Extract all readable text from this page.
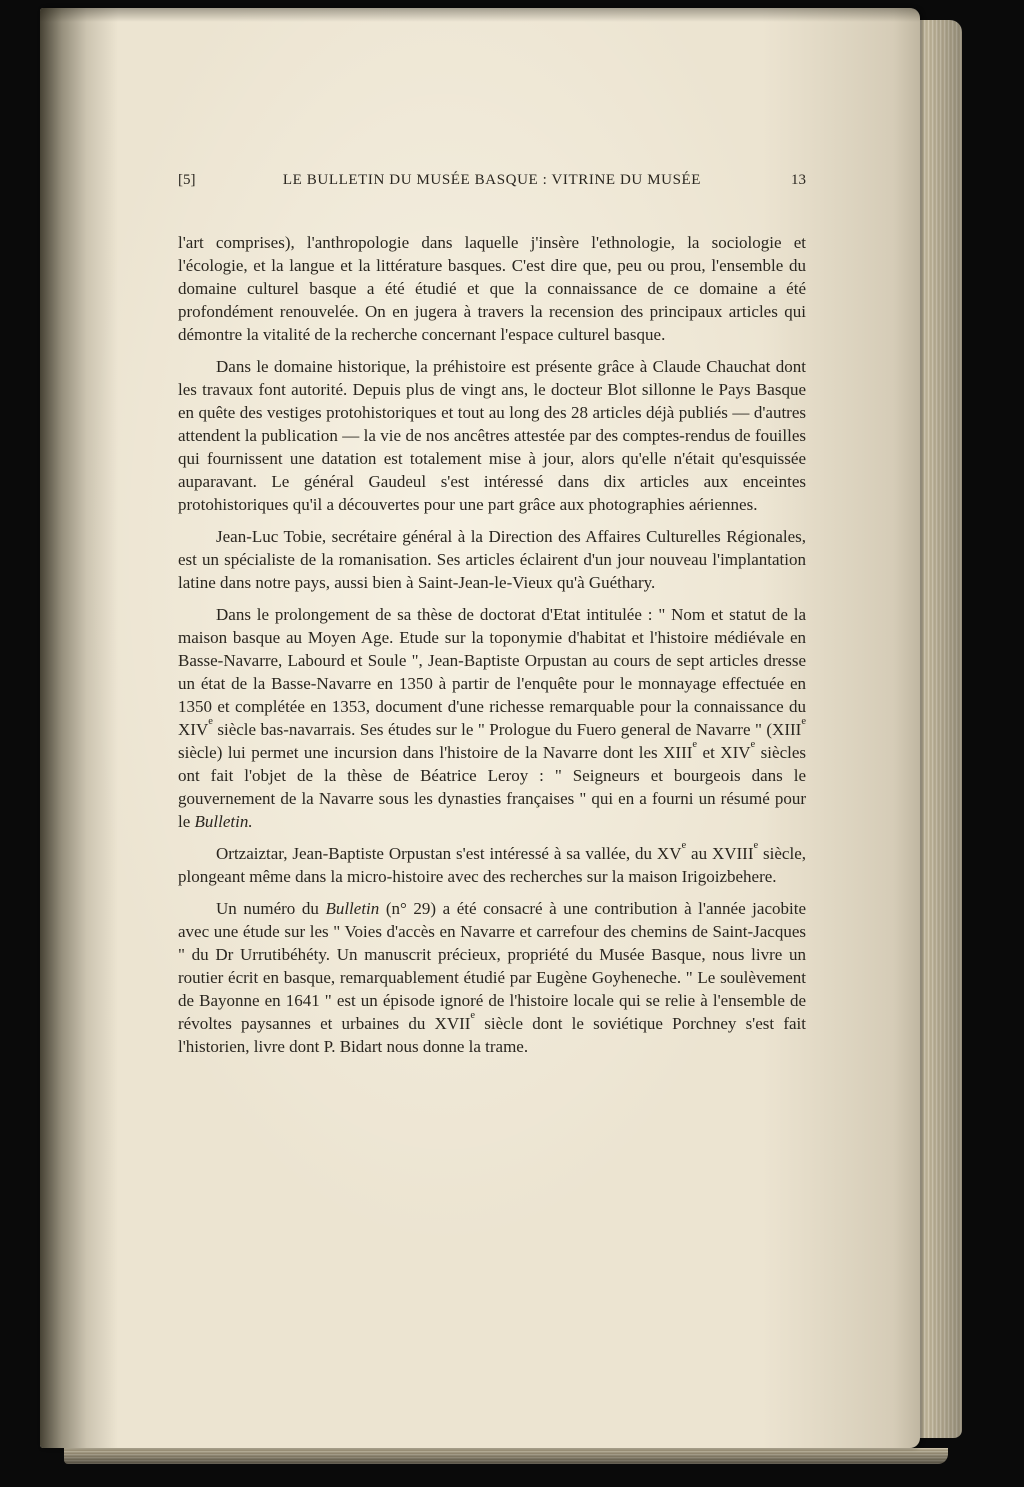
[5]	LE BULLETIN DU MUSÉE BASQUE : VITRINE DU MUSÉE	13

l'art comprises), l'anthropologie dans laquelle j'insère l'ethnologie, la sociologie et l'écologie, et la langue et la littérature basques. C'est dire que, peu ou prou, l'ensemble du domaine culturel basque a été étudié et que la connaissance de ce domaine a été profondément renouvelée. On en jugera à travers la recension des principaux articles qui démontre la vitalité de la recherche concernant l'espace culturel basque.

Dans le domaine historique, la préhistoire est présente grâce à Claude Chauchat dont les travaux font autorité. Depuis plus de vingt ans, le docteur Blot sillonne le Pays Basque en quête des vestiges protohistoriques et tout au long des 28 articles déjà publiés — d'autres attendent la publication — la vie de nos ancêtres attestée par des comptes-rendus de fouilles qui fournissent une datation est totalement mise à jour, alors qu'elle n'était qu'esquissée auparavant. Le général Gaudeul s'est intéressé dans dix articles aux enceintes protohistoriques qu'il a découvertes pour une part grâce aux photographies aériennes.

Jean-Luc Tobie, secrétaire général à la Direction des Affaires Culturelles Régionales, est un spécialiste de la romanisation. Ses articles éclairent d'un jour nouveau l'implantation latine dans notre pays, aussi bien à Saint-Jean-le-Vieux qu'à Guéthary.

Dans le prolongement de sa thèse de doctorat d'Etat intitulée : " Nom et statut de la maison basque au Moyen Age. Etude sur la toponymie d'habitat et l'histoire médiévale en Basse-Navarre, Labourd et Soule ", Jean-Baptiste Orpustan au cours de sept articles dresse un état de la Basse-Navarre en 1350 à partir de l'enquête pour le monnayage effectuée en 1350 et complétée en 1353, document d'une richesse remarquable pour la connaissance du XIVe siècle bas-navarrais. Ses études sur le " Prologue du Fuero general de Navarre " (XIIIe siècle) lui permet une incursion dans l'histoire de la Navarre dont les XIIIe et XIVe siècles ont fait l'objet de la thèse de Béatrice Leroy : " Seigneurs et bourgeois dans le gouvernement de la Navarre sous les dynasties françaises " qui en a fourni un résumé pour le Bulletin.

Ortzaiztar, Jean-Baptiste Orpustan s'est intéressé à sa vallée, du XVe au XVIIIe siècle, plongeant même dans la micro-histoire avec des recherches sur la maison Irigoizbehere.

Un numéro du Bulletin (n° 29) a été consacré à une contribution à l'année jacobite avec une étude sur les " Voies d'accès en Navarre et carrefour des chemins de Saint-Jacques " du Dr Urrutibéhéty. Un manuscrit précieux, propriété du Musée Basque, nous livre un routier écrit en basque, remarquablement étudié par Eugène Goyheneche. " Le soulèvement de Bayonne en 1641 " est un épisode ignoré de l'histoire locale qui se relie à l'ensemble de révoltes paysannes et urbaines du XVIIe siècle dont le soviétique Porchney s'est fait l'historien, livre dont P. Bidart nous donne la trame.
